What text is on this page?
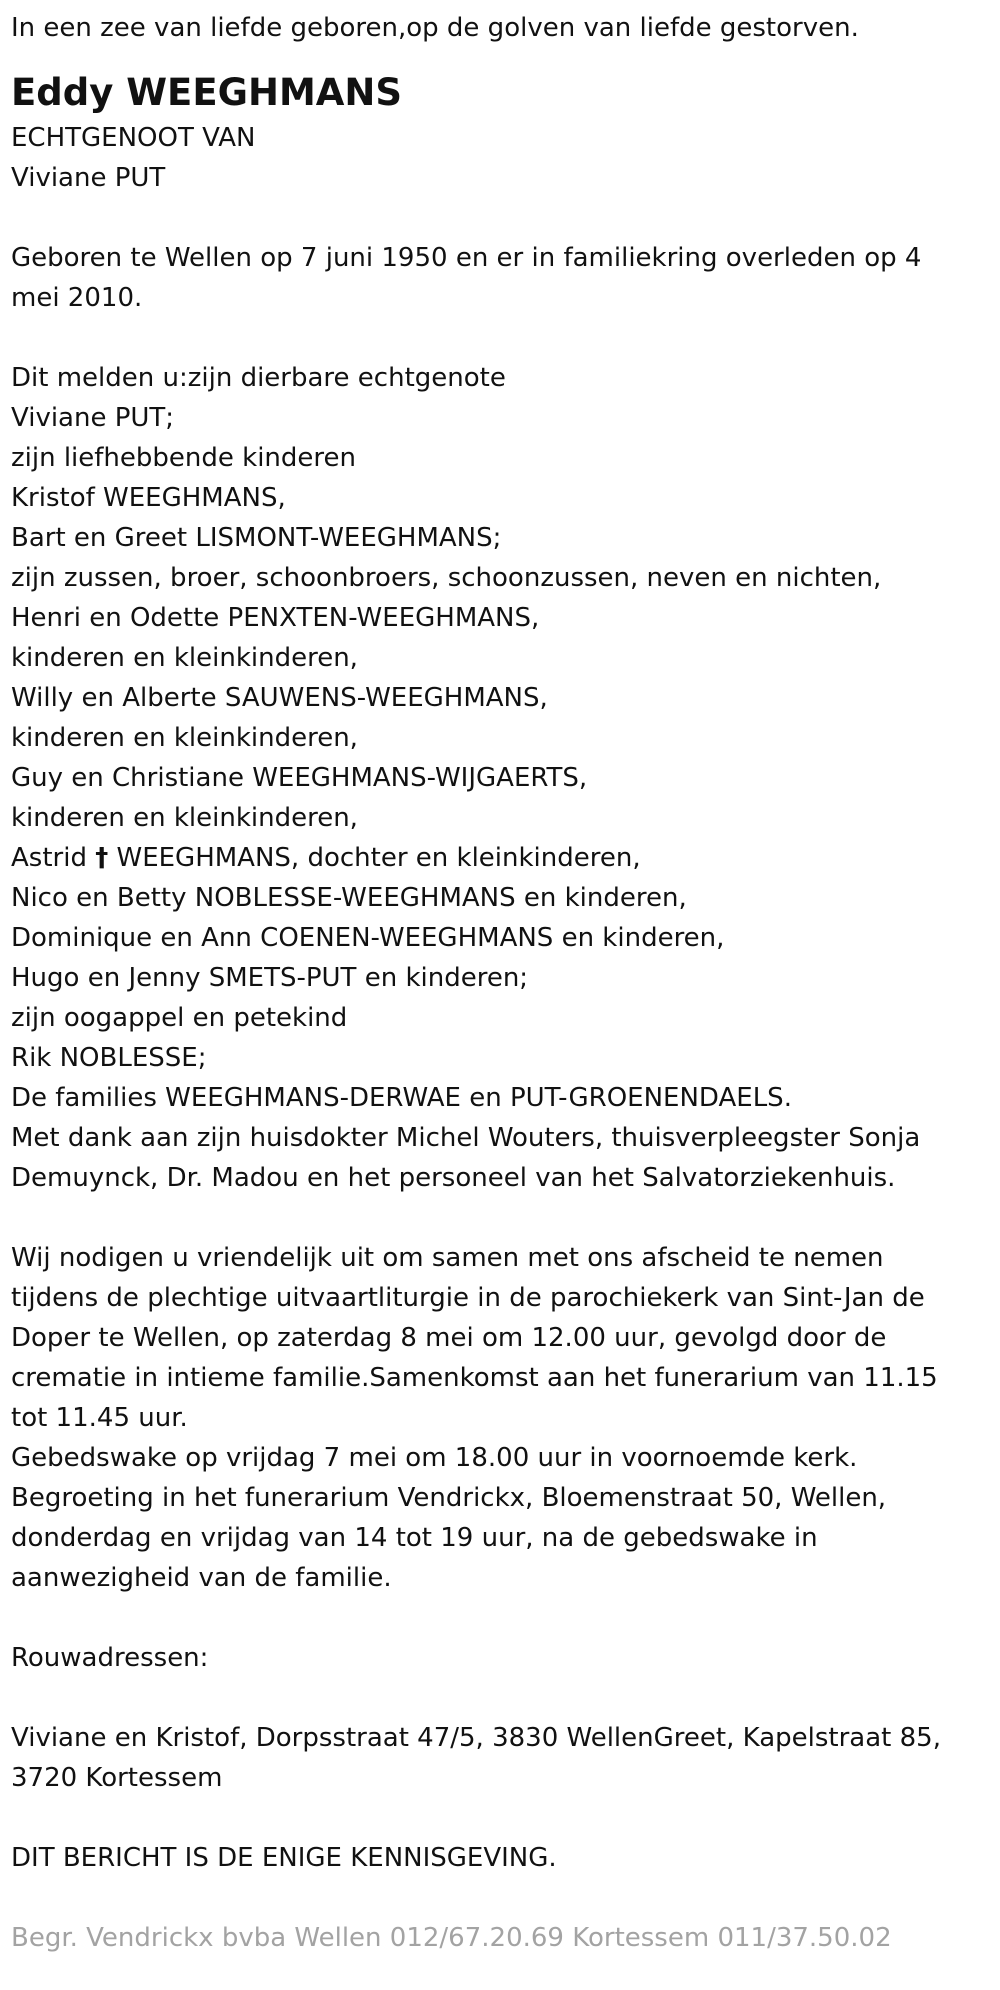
In een zee van liefde geboren,op de golven van liefde gestorven.

Eddy WEEGHMANS

ECHTGENOOT VAN

Viviane PUT

Geboren te Wellen op 7 juni 1950 en er in familiekring overleden op 4 mei 2010.

Dit melden u:zijn dierbare echtgenote

Viviane PUT;

zijn liefhebbende kinderen

Kristof WEEGHMANS,

Bart en Greet LISMONT-WEEGHMANS;

zijn zussen, broer, schoonbroers, schoonzussen, neven en nichten,

Henri en Odette PENXTEN-WEEGHMANS,

kinderen en kleinkinderen,

Willy en Alberte SAUWENS-WEEGHMANS,

kinderen en kleinkinderen,

Guy en Christiane WEEGHMANS-WIJGAERTS,

kinderen en kleinkinderen,

Astrid † WEEGHMANS, dochter en kleinkinderen,

Nico en Betty NOBLESSE-WEEGHMANS en kinderen,

Dominique en Ann COENEN-WEEGHMANS en kinderen,

Hugo en Jenny SMETS-PUT en kinderen;

zijn oogappel en petekind

Rik NOBLESSE;

De families WEEGHMANS-DERWAE en PUT-GROENENDAELS.

Met dank aan zijn huisdokter Michel Wouters, thuisverpleegster Sonja Demuynck, Dr. Madou en het personeel van het Salvatorziekenhuis.

Wij nodigen u vriendelijk uit om samen met ons afscheid te nemen tijdens de plechtige uitvaartliturgie in de parochiekerk van Sint-Jan de Doper te Wellen, op zaterdag 8 mei om 12.00 uur, gevolgd door de crematie in intieme familie.Samenkomst aan het funerarium van 11.15 tot 11.45 uur.

Gebedswake op vrijdag 7 mei om 18.00 uur in voornoemde kerk.

Begroeting in het funerarium Vendrickx, Bloemenstraat 50, Wellen, donderdag en vrijdag van 14 tot 19 uur, na de gebedswake in aanwezigheid van de familie.

Rouwadressen:

Viviane en Kristof, Dorpsstraat 47/5, 3830 WellenGreet, Kapelstraat 85, 3720 Kortessem

DIT BERICHT IS DE ENIGE KENNISGEVING.

Begr. Vendrickx bvba Wellen 012/67.20.69 Kortessem 011/37.50.02
